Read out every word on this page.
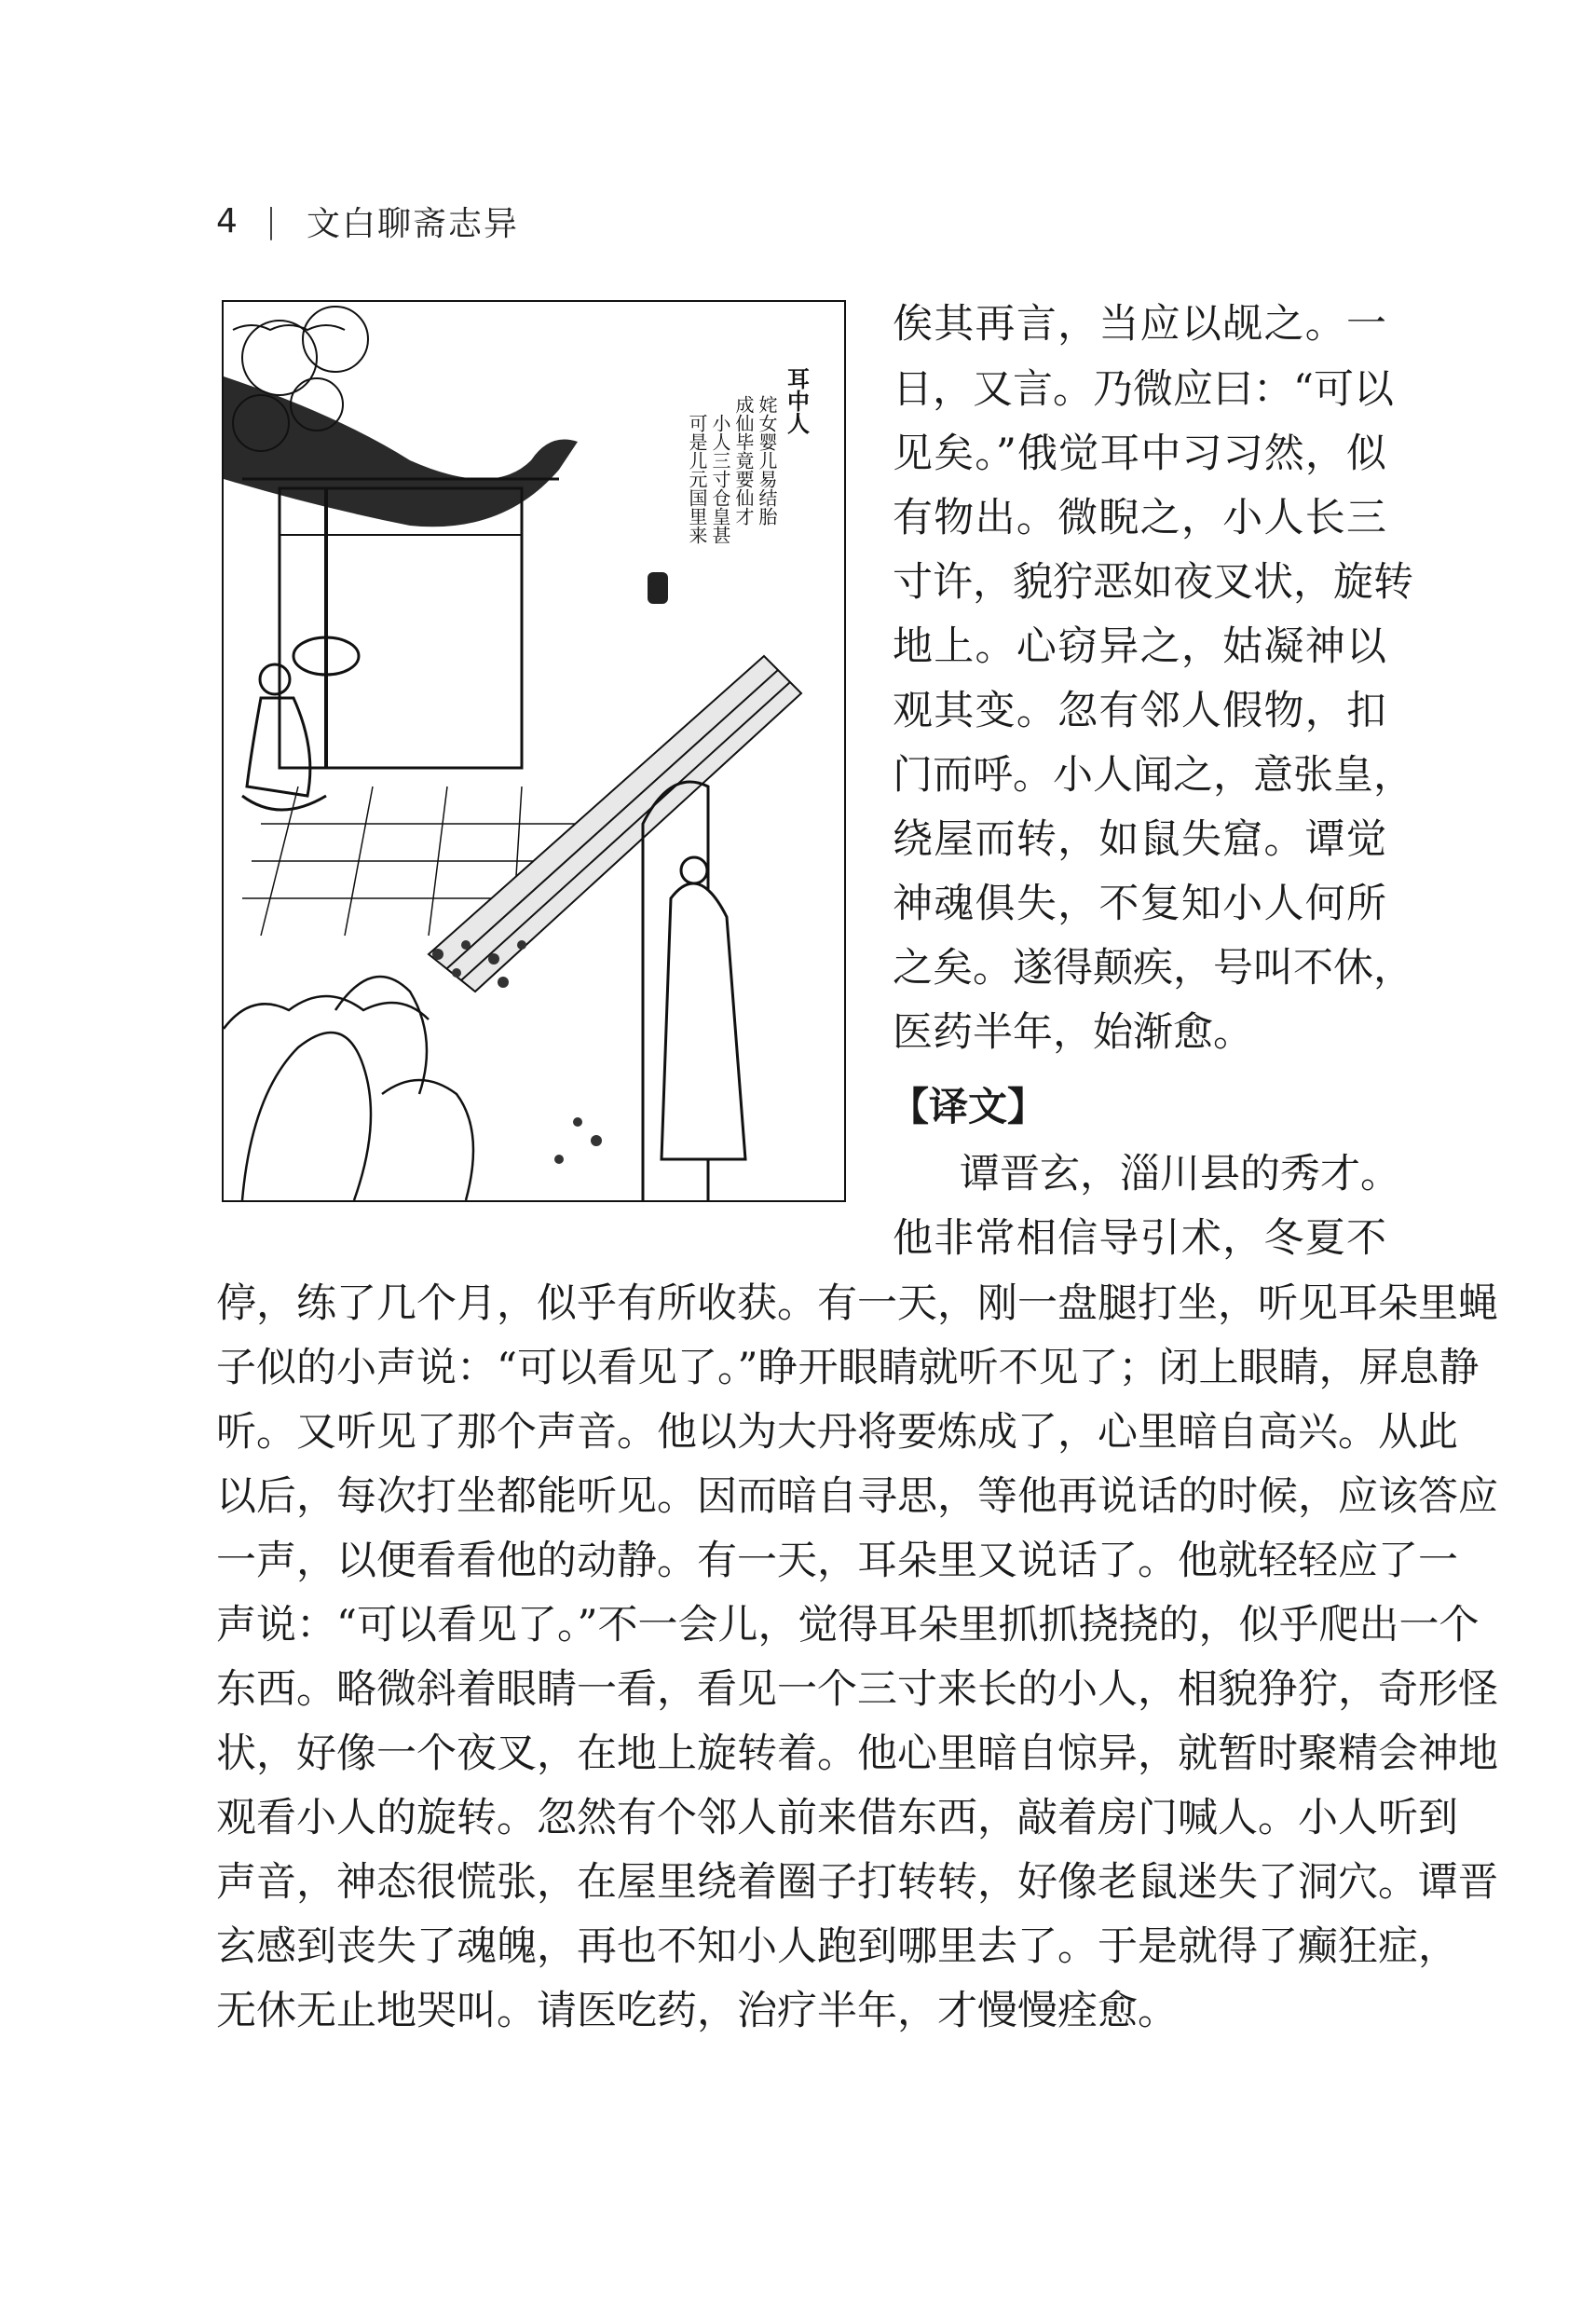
4 | 文白聊斋志异
耳中人
姹女婴儿易结胎
成仙毕竟要仙才
小人三寸仓皇甚
可是儿元国里来

俟其再言，当应以觇之。一

日，又言。乃微应曰：“可以

见矣。”俄觉耳中习习然，似

有物出。微睨之，小人长三

寸许，貌狞恶如夜叉状，旋转

地上。心窃异之，姑凝神以

观其变。忽有邻人假物，扣

门而呼。小人闻之，意张皇，

绕屋而转，如鼠失窟。谭觉

神魂俱失，不复知小人何所

之矣。遂得颠疾，号叫不休，

医药半年，始渐愈。

【译文】

谭晋玄，淄川县的秀才。

他非常相信导引术，冬夏不

停，练了几个月，似乎有所收获。有一天，刚一盘腿打坐，听见耳朵里蝇

子似的小声说：“可以看见了。”睁开眼睛就听不见了；闭上眼睛，屏息静

听。又听见了那个声音。他以为大丹将要炼成了，心里暗自高兴。从此

以后，每次打坐都能听见。因而暗自寻思，等他再说话的时候，应该答应

一声，以便看看他的动静。有一天，耳朵里又说话了。他就轻轻应了一

声说：“可以看见了。”不一会儿，觉得耳朵里抓抓挠挠的，似乎爬出一个

东西。略微斜着眼睛一看，看见一个三寸来长的小人，相貌狰狞，奇形怪

状，好像一个夜叉，在地上旋转着。他心里暗自惊异，就暂时聚精会神地

观看小人的旋转。忽然有个邻人前来借东西，敲着房门喊人。小人听到

声音，神态很慌张，在屋里绕着圈子打转转，好像老鼠迷失了洞穴。谭晋

玄感到丧失了魂魄，再也不知小人跑到哪里去了。于是就得了癫狂症，

无休无止地哭叫。请医吃药，治疗半年，才慢慢痊愈。
